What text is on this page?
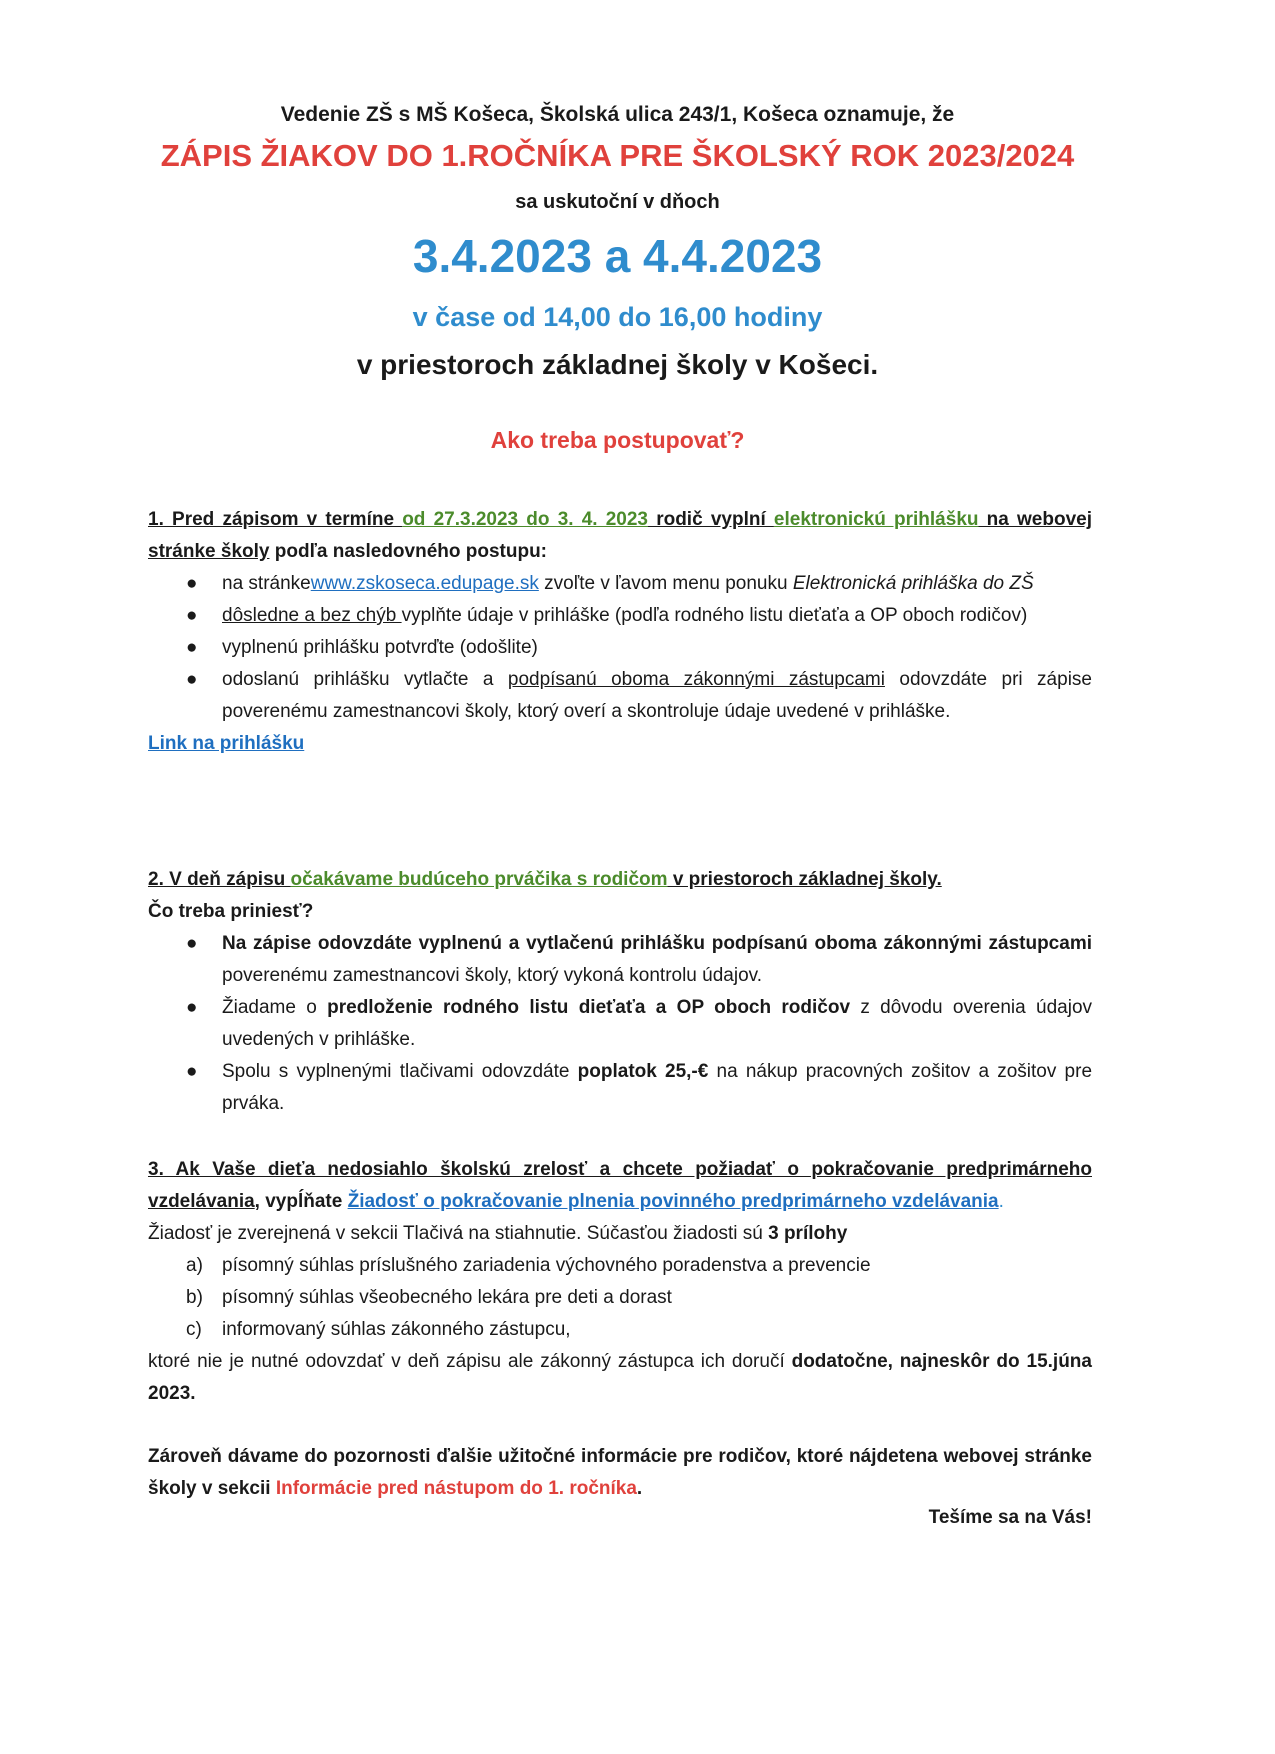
Vedenie ZŠ s MŠ Košeca, Školská ulica 243/1, Košeca oznamuje, že
ZÁPIS ŽIAKOV DO 1.ROČNÍKA PRE ŠKOLSKÝ ROK 2023/2024
sa uskutoční v dňoch
3.4.2023 a 4.4.2023
v čase od 14,00 do 16,00 hodiny
v priestoroch základnej školy v Košeci.
Ako treba postupovať?
1. Pred zápisom v termíne od 27.3.2023 do 3. 4. 2023 rodič vyplní elektronickú prihlášku na webovej stránke školy podľa nasledovného postupu:
● na stránkewww.zskoseca.edupage.sk zvoľte v ľavom menu ponuku Elektronická prihláška do ZŠ
● dôsledne a bez chýb vyplňte údaje v prihláške (podľa rodného listu dieťaťa a OP oboch rodičov)
● vyplnenú prihlášku potvrďte (odošlite)
● odoslanú prihlášku vytlačte a podpísanú oboma zákonnými zástupcami odovzdáte pri zápise poverenému zamestnancovi školy, ktorý overí a skontroluje údaje uvedené v prihláške.
Link na prihlášku
2. V deň zápisu očakávame budúceho prváčika s rodičom v priestoroch základnej školy.
Čo treba priniesť?
● Na zápise odovzdáte vyplnenú a vytlačenú prihlášku podpísanú oboma zákonnými zástupcami poverenému zamestnancovi školy, ktorý vykoná kontrolu údajov.
● Žiadame o predloženie rodného listu dieťaťa a OP oboch rodičov z dôvodu overenia údajov uvedených v prihláške.
● Spolu s vyplnenými tlačivami odovzdáte poplatok 25,-€ na nákup pracovných zošitov a zošitov pre prváka.
3. Ak Vaše dieťa nedosiahlo školskú zrelosť a chcete požiadať o pokračovanie predprimárneho vzdelávania, vypĺňate Žiadosť o pokračovanie plnenia povinného predprimárneho vzdelávania.
Žiadosť je zverejnená v sekcii Tlačivá na stiahnutie. Súčasťou žiadosti sú 3 prílohy
a) písomný súhlas príslušného zariadenia výchovného poradenstva a prevencie
b) písomný súhlas všeobecného lekára pre deti a dorast
c) informovaný súhlas zákonného zástupcu,
ktoré nie je nutné odovzdať v deň zápisu ale zákonný zástupca ich doručí dodatočne, najneskôr do 15.júna 2023.
Zároveň dávame do pozornosti ďalšie užitočné informácie pre rodičov, ktoré nájdetena webovej stránke školy v sekcii Informácie pred nástupom do 1. ročníka.
Tešíme sa na Vás!
